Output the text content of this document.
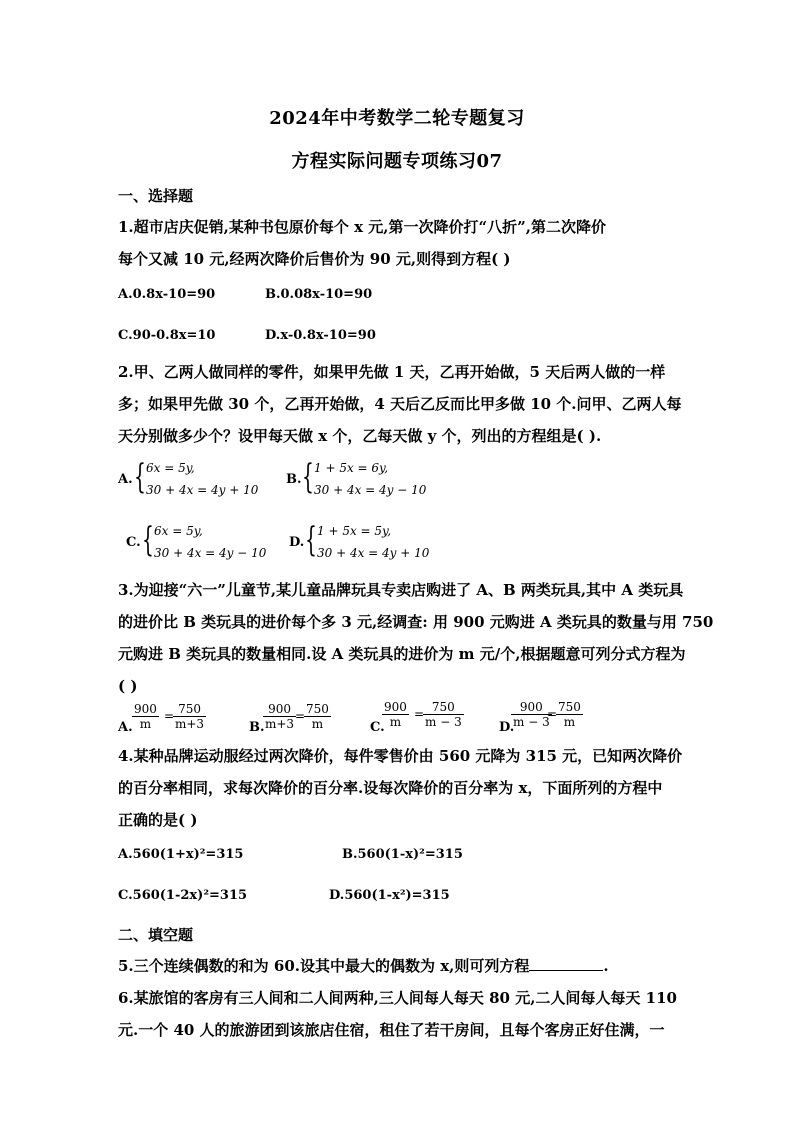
2024年中考数学二轮专题复习
方程实际问题专项练习07
一、选择题
1.超市店庆促销,某种书包原价每个 x 元,第一次降价打“八折”,第二次降价
每个又减 10 元,经两次降价后售价为 90 元,则得到方程( )
A.0.8x-10=90	B.0.08x-10=90
C.90-0.8x=10	D.x-0.8x-10=90
2.甲、乙两人做同样的零件，如果甲先做 1 天，乙再开始做，5 天后两人做的一样
多；如果甲先做 30 个，乙再开始做，4 天后乙反而比甲多做 10 个.问甲、乙两人每
天分别做多少个？设甲每天做 x 个，乙每天做 y 个，列出的方程组是( ).
A. { 6x = 5y,
30 + 4x = 4y + 10
B. { 1 + 5x = 6y,
30 + 4x = 4y − 10
C. { 6x = 5y,
30 + 4x = 4y − 10
D. { 1 + 5x = 5y,
30 + 4x = 4y + 10
3.为迎接“六一”儿童节,某儿童品牌玩具专卖店购进了 A、B 两类玩具,其中 A 类玩具
的进价比 B 类玩具的进价每个多 3 元,经调查: 用 900 元购进 A 类玩具的数量与用 750
元购进 B 类玩具的数量相同.设 A 类玩具的进价为 m 元/个,根据题意可列分式方程为
( )
A. $\frac{900}{m}$ =
$\frac{750}{m+3}$	B.
$\frac{900}{m+3}$
=
$\frac{750}{m}$	C.
$\frac{900}{m}$ =
$\frac{750}{m - 3}$	D.
$\frac{900}{m - 3}$
=
$\frac{750}{m}$
4.某种品牌运动服经过两次降价，每件零售价由 560 元降为 315 元，已知两次降价
的百分率相同，求每次降价的百分率.设每次降价的百分率为 x，下面所列的方程中
正确的是( )
A.560(1+x)²=315	B.560(1-x)²=315
C.560(1-2x)²=315	D.560(1-x²)=315
二、填空题
5.三个连续偶数的和为 60.设其中最大的偶数为 x,则可列方程	.
6.某旅馆的客房有三人间和二人间两种,三人间每人每天 80 元,二人间每人每天 110
元.一个 40 人的旅游团到该旅店住宿，租住了若干房间，且每个客房正好住满，一
